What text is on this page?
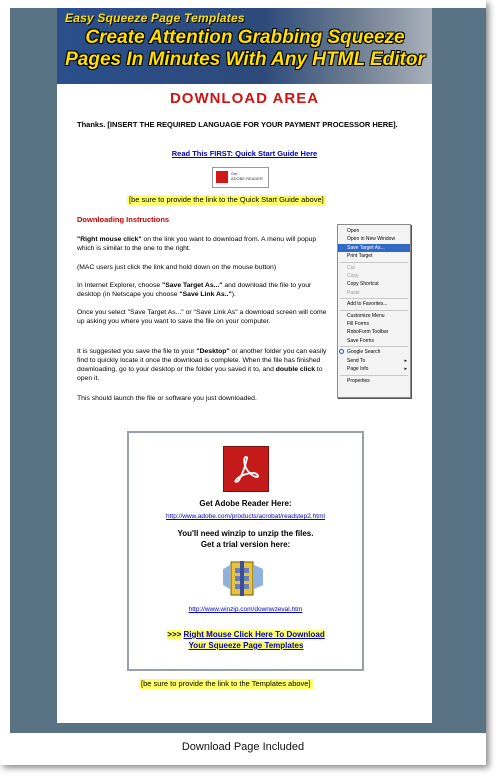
Easy Squeeze Page Templates
Create Attention Grabbing Squeeze
Pages In Minutes With Any HTML Editor
DOWNLOAD AREA
Thanks. [INSERT THE REQUIRED LANGUAGE FOR YOUR PAYMENT PROCESSOR HERE].
Read This FIRST: Quick Start Guide Here
Get
ADOBE READER
[be sure to provide the link to the Quick Start Guide above]
Downloading Instructions
"Right mouse click" on the link you want to download from. A menu will popup which is similar to the one to the right.
(MAC users just click the link and hold down on the mouse button)
In Internet Explorer, choose "Save Target As..." and download the file to your desktop (in Netscape you choose "Save Link As..").
Once you select "Save Target As..." or "Save Link As" a download screen will come up asking you where you want to save the file on your computer.
It is suggested you save the file to your "Desktop" or another folder you can easily find to quickly locate it once the download is complete. When the file has finished downloading, go to your desktop or the folder you saved it to, and double click to open it.
This should launch the file or software you just downloaded.
Open
Open in New Window
Save Target As...
Print Target
Cut
Copy
Copy Shortcut
Paste
Add to Favorites...
Customize Menu
Fill Forms
RoboForm Toolbar
Save Forms
Google Search
Send To	▸
Page Info	▸
Properties
Get Adobe Reader Here:
http://www.adobe.com/products/acrobat/readstep2.html
You'll need winzip to unzip the files.
Get a trial version here:
http://www.winzip.com/downwzeval.htm
>>> Right Mouse Click Here To Download
Your Squeeze Page Templates
[be sure to provide the link to the Templates above]
Download Page Included
